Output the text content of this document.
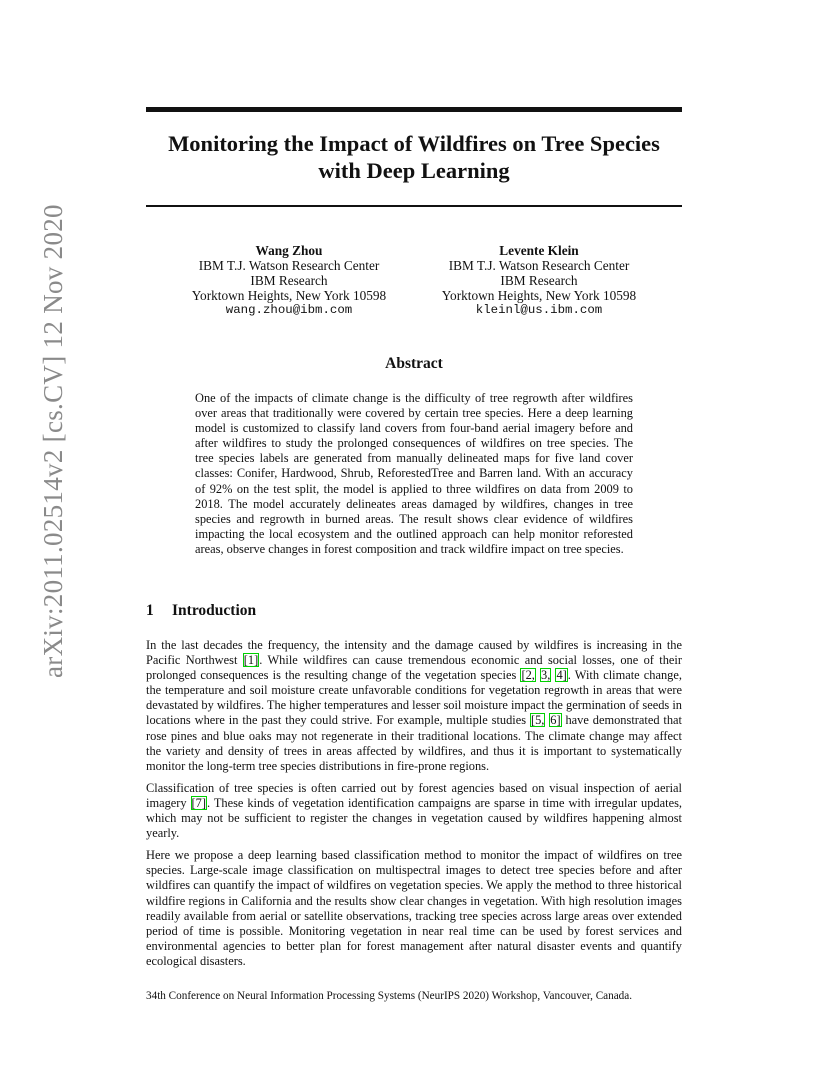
arXiv:2011.02514v2 [cs.CV] 12 Nov 2020
Monitoring the Impact of Wildfires on Tree Species
with Deep Learning
Wang Zhou
IBM T.J. Watson Research Center
IBM Research
Yorktown Heights, New York 10598
wang.zhou@ibm.com
Levente Klein
IBM T.J. Watson Research Center
IBM Research
Yorktown Heights, New York 10598
kleinl@us.ibm.com
Abstract
One of the impacts of climate change is the difficulty of tree regrowth after wildfires over areas that traditionally were covered by certain tree species. Here a deep learning model is customized to classify land covers from four-band aerial imagery before and after wildfires to study the prolonged consequences of wildfires on tree species. The tree species labels are generated from manually delineated maps for five land cover classes: Conifer, Hardwood, Shrub, ReforestedTree and Barren land. With an accuracy of 92% on the test split, the model is applied to three wildfires on data from 2009 to 2018. The model accurately delineates areas damaged by wildfires, changes in tree species and regrowth in burned areas. The result shows clear evidence of wildfires impacting the local ecosystem and the outlined approach can help monitor reforested areas, observe changes in forest composition and track wildfire impact on tree species.
1 Introduction

In the last decades the frequency, the intensity and the damage caused by wildfires is increasing in the Pacific Northwest [1]. While wildfires can cause tremendous economic and social losses, one of their prolonged consequences is the resulting change of the vegetation species [2, 3, 4]. With climate change, the temperature and soil moisture create unfavorable conditions for vegetation regrowth in areas that were devastated by wildfires. The higher temperatures and lesser soil moisture impact the germination of seeds in locations where in the past they could strive. For example, multiple studies [5, 6] have demonstrated that rose pines and blue oaks may not regenerate in their traditional locations. The climate change may affect the variety and density of trees in areas affected by wildfires, and thus it is important to systematically monitor the long-term tree species distributions in fire-prone regions.

Classification of tree species is often carried out by forest agencies based on visual inspection of aerial imagery [7]. These kinds of vegetation identification campaigns are sparse in time with irregular updates, which may not be sufficient to register the changes in vegetation caused by wildfires happening almost yearly.

Here we propose a deep learning based classification method to monitor the impact of wildfires on tree species. Large-scale image classification on multispectral images to detect tree species before and after wildfires can quantify the impact of wildfires on vegetation species. We apply the method to three historical wildfire regions in California and the results show clear changes in vegetation. With high resolution images readily available from aerial or satellite observations, tracking tree species across large areas over extended period of time is possible. Monitoring vegetation in near real time can be used by forest services and environmental agencies to better plan for forest management after natural disaster events and quantify ecological disasters.

34th Conference on Neural Information Processing Systems (NeurIPS 2020) Workshop, Vancouver, Canada.
